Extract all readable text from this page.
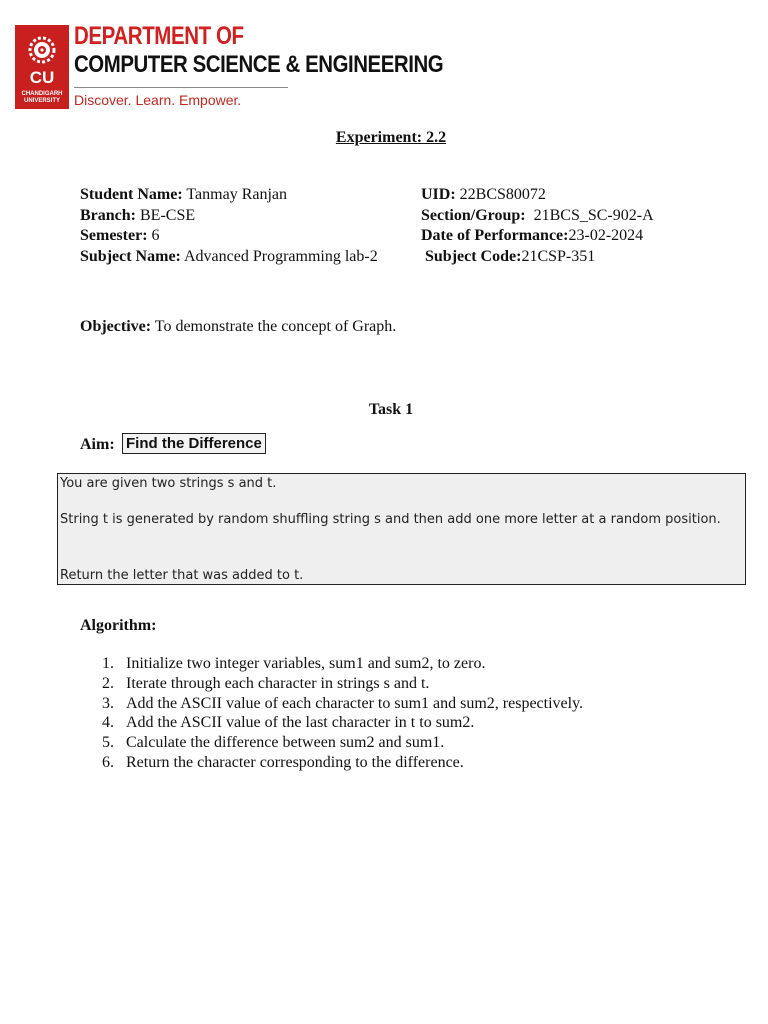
CU
CHANDIGARH UNIVERSITY
DEPARTMENT OF
COMPUTER SCIENCE & ENGINEERING
Discover. Learn. Empower.
Experiment: 2.2
Student Name: Tanmay Ranjan
Branch: BE-CSE
Semester: 6
Subject Name: Advanced Programming lab-2
UID: 22BCS80072
Section/Group: 21BCS_SC-902-A
Date of Performance:23-02-2024
Subject Code:21CSP-351
Objective: To demonstrate the concept of Graph.
Task 1
Aim: Find the Difference

You are given two strings s and t.

String t is generated by random shuffling string s and then add one more letter at a random position.

Return the letter that was added to t.

Algorithm:
1. Initialize two integer variables, sum1 and sum2, to zero.
2. Iterate through each character in strings s and t.
3. Add the ASCII value of each character to sum1 and sum2, respectively.
4. Add the ASCII value of the last character in t to sum2.
5. Calculate the difference between sum2 and sum1.
6. Return the character corresponding to the difference.
